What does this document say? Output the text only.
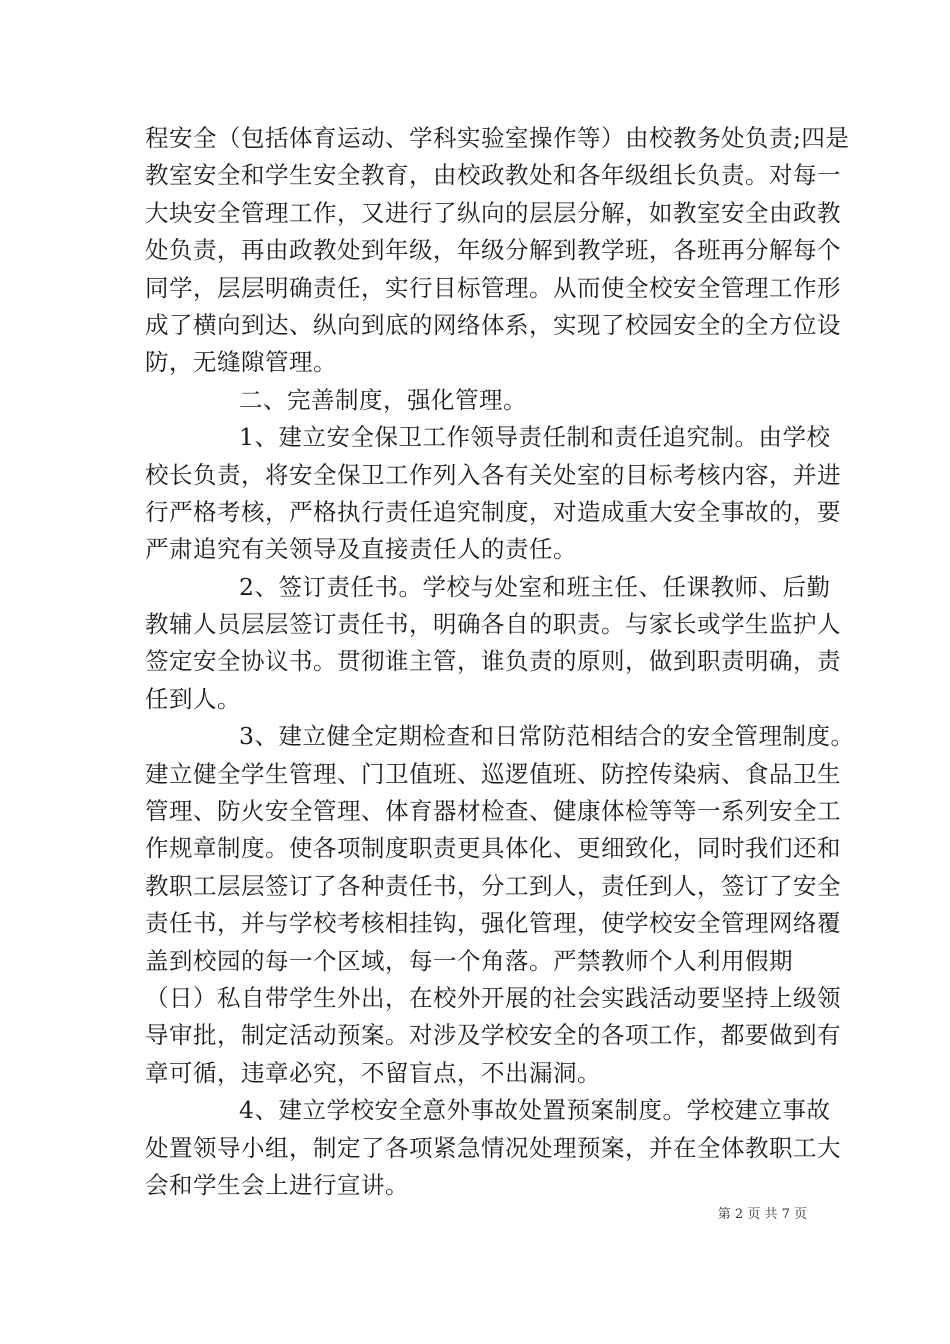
程安全（包括体育运动、学科实验室操作等）由校教务处负责;四是
教室安全和学生安全教育，由校政教处和各年级组长负责。对每一
大块安全管理工作，又进行了纵向的层层分解，如教室安全由政教
处负责，再由政教处到年级，年级分解到教学班，各班再分解每个
同学，层层明确责任，实行目标管理。从而使全校安全管理工作形
成了横向到达、纵向到底的网络体系，实现了校园安全的全方位设
防，无缝隙管理。
二、完善制度，强化管理。
1、建立安全保卫工作领导责任制和责任追究制。由学校
校长负责，将安全保卫工作列入各有关处室的目标考核内容，并进
行严格考核，严格执行责任追究制度，对造成重大安全事故的，要
严肃追究有关领导及直接责任人的责任。
2、签订责任书。学校与处室和班主任、任课教师、后勤
教辅人员层层签订责任书，明确各自的职责。与家长或学生监护人
签定安全协议书。贯彻谁主管，谁负责的原则，做到职责明确，责
任到人。
3、建立健全定期检查和日常防范相结合的安全管理制度。
建立健全学生管理、门卫值班、巡逻值班、防控传染病、食品卫生
管理、防火安全管理、体育器材检查、健康体检等等一系列安全工
作规章制度。使各项制度职责更具体化、更细致化，同时我们还和
教职工层层签订了各种责任书，分工到人，责任到人，签订了安全
责任书，并与学校考核相挂钩，强化管理，使学校安全管理网络覆
盖到校园的每一个区域，每一个角落。严禁教师个人利用假期
（日）私自带学生外出，在校外开展的社会实践活动要坚持上级领
导审批，制定活动预案。对涉及学校安全的各项工作，都要做到有
章可循，违章必究，不留盲点，不出漏洞。
4、建立学校安全意外事故处置预案制度。学校建立事故
处置领导小组，制定了各项紧急情况处理预案，并在全体教职工大
会和学生会上进行宣讲。
第 2 页 共 7 页
